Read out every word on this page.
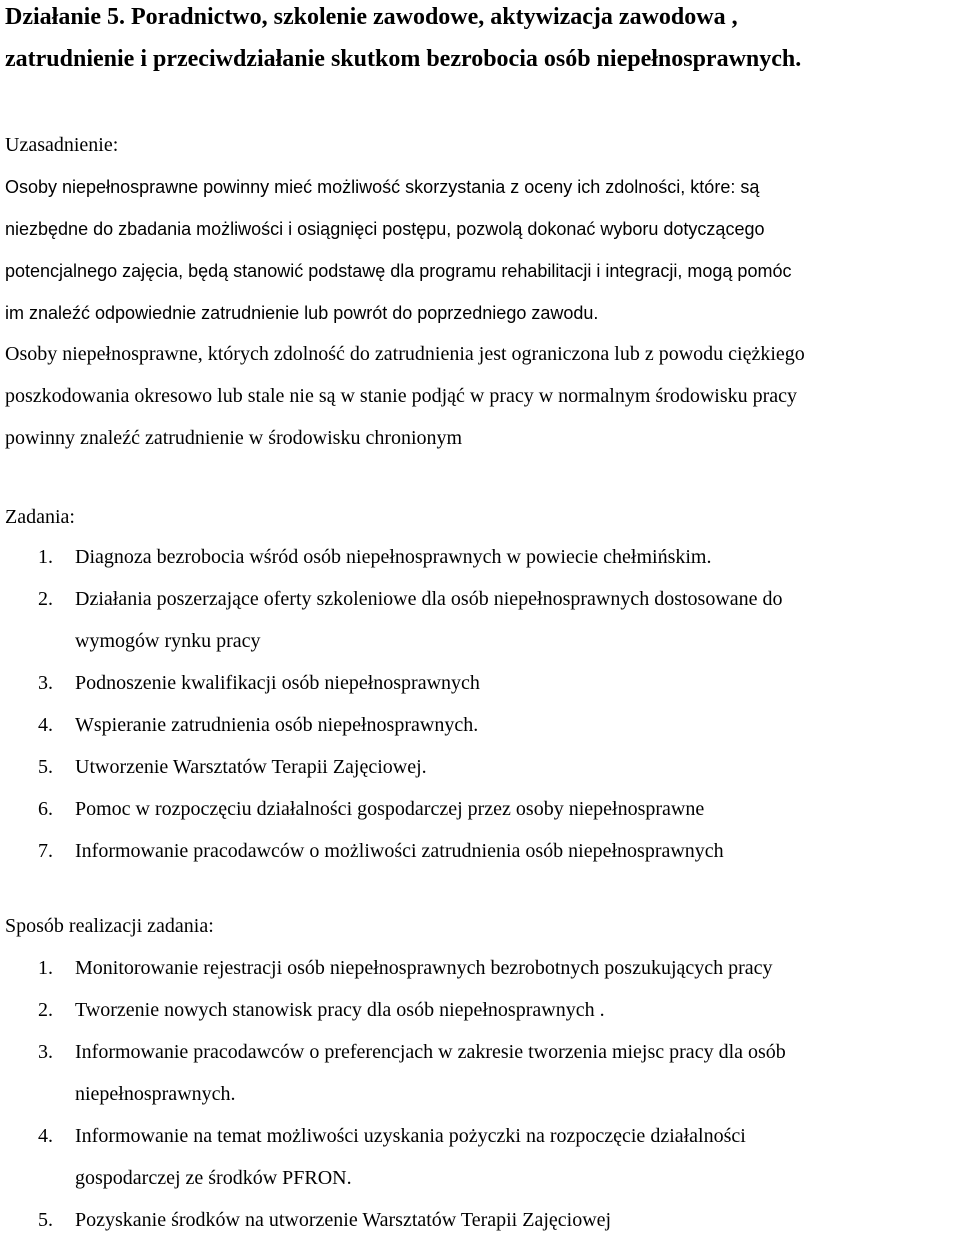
Działanie 5. Poradnictwo, szkolenie zawodowe, aktywizacja zawodowa ,
zatrudnienie i przeciwdziałanie skutkom bezrobocia osób niepełnosprawnych.
Uzasadnienie:

Osoby niepełnosprawne powinny mieć możliwość skorzystania z oceny ich zdolności, które: są
niezbędne do zbadania możliwości i osiągnięci postępu, pozwolą dokonać wyboru dotyczącego
potencjalnego zajęcia, będą stanowić podstawę dla programu rehabilitacji i integracji, mogą pomóc
im znaleźć odpowiednie zatrudnienie lub powrót do poprzedniego zawodu.

Osoby niepełnosprawne, których zdolność do zatrudnienia jest ograniczona lub z powodu ciężkiego
poszkodowania okresowo lub stale nie są w stanie podjąć w pracy w normalnym środowisku pracy
powinny znaleźć zatrudnienie w środowisku chronionym

Zadania:
1. Diagnoza bezrobocia wśród osób niepełnosprawnych w powiecie chełmińskim.
2. Działania poszerzające oferty szkoleniowe dla osób niepełnosprawnych dostosowane do
wymogów rynku pracy
3. Podnoszenie kwalifikacji osób niepełnosprawnych
4. Wspieranie zatrudnienia osób niepełnosprawnych.
5. Utworzenie Warsztatów Terapii Zajęciowej.
6. Pomoc w rozpoczęciu działalności gospodarczej przez osoby niepełnosprawne
7. Informowanie pracodawców o możliwości zatrudnienia osób niepełnosprawnych
Sposób realizacji zadania:
1. Monitorowanie rejestracji osób niepełnosprawnych bezrobotnych poszukujących pracy
2. Tworzenie nowych stanowisk pracy dla osób niepełnosprawnych .
3. Informowanie pracodawców o preferencjach w zakresie tworzenia miejsc pracy dla osób
niepełnosprawnych.
4. Informowanie na temat możliwości uzyskania pożyczki na rozpoczęcie działalności
gospodarczej ze środków PFRON.
5. Pozyskanie środków na utworzenie Warsztatów Terapii Zajęciowej
